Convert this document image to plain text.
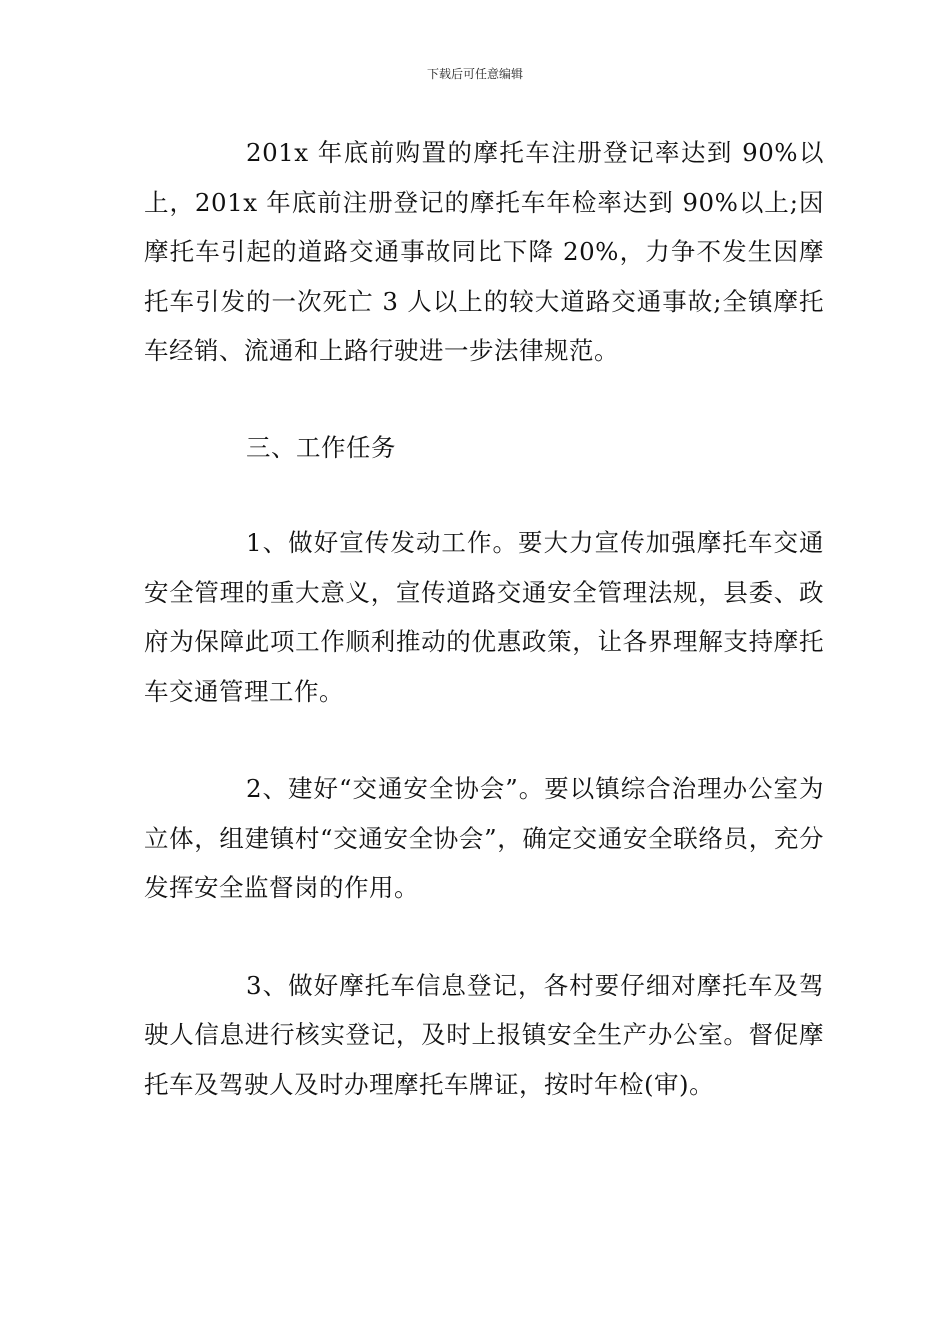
下载后可任意编辑

201x 年底前购置的摩托车注册登记率达到 90%以上，201x 年底前注册登记的摩托车年检率达到 90%以上;因摩托车引起的道路交通事故同比下降 20%，力争不发生因摩托车引发的一次死亡 3 人以上的较大道路交通事故;全镇摩托车经销、流通和上路行驶进一步法律规范。

三、工作任务

1、做好宣传发动工作。要大力宣传加强摩托车交通安全管理的重大意义，宣传道路交通安全管理法规，县委、政府为保障此项工作顺利推动的优惠政策，让各界理解支持摩托车交通管理工作。

2、建好“交通安全协会”。要以镇综合治理办公室为立体，组建镇村“交通安全协会”，确定交通安全联络员，充分发挥安全监督岗的作用。

3、做好摩托车信息登记，各村要仔细对摩托车及驾驶人信息进行核实登记，及时上报镇安全生产办公室。督促摩托车及驾驶人及时办理摩托车牌证，按时年检(审)。
